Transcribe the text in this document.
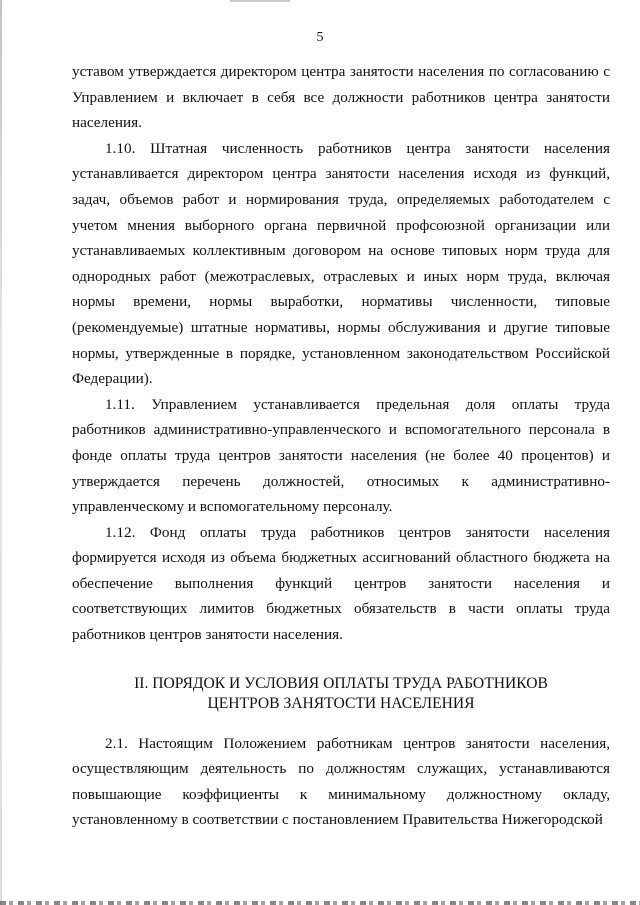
5

уставом утверждается директором центра занятости населения по согласованию с Управлением и включает в себя все должности работников центра занятости населения.

1.10. Штатная численность работников центра занятости населения устанавливается директором центра занятости населения исходя из функций, задач, объемов работ и нормирования труда, определяемых работодателем с учетом мнения выборного органа первичной профсоюзной организации или устанавливаемых коллективным договором на основе типовых норм труда для однородных работ (межотраслевых, отраслевых и иных норм труда, включая нормы времени, нормы выработки, нормативы численности, типовые (рекомендуемые) штатные нормативы, нормы обслуживания и другие типовые нормы, утвержденные в порядке, установленном законодательством Российской Федерации).

1.11. Управлением устанавливается предельная доля оплаты труда работников административно-управленческого и вспомогательного персонала в фонде оплаты труда центров занятости населения (не более 40 процентов) и утверждается перечень должностей, относимых к административно-управленческому и вспомогательному персоналу.

1.12. Фонд оплаты труда работников центров занятости населения формируется исходя из объема бюджетных ассигнований областного бюджета на обеспечение выполнения функций центров занятости населения и соответствующих лимитов бюджетных обязательств в части оплаты труда работников центров занятости населения.

II. ПОРЯДОК И УСЛОВИЯ ОПЛАТЫ ТРУДА РАБОТНИКОВ
ЦЕНТРОВ ЗАНЯТОСТИ НАСЕЛЕНИЯ

2.1. Настоящим Положением работникам центров занятости населения, осуществляющим деятельность по должностям служащих, устанавливаются повышающие коэффициенты к минимальному должностному окладу, установленному в соответствии с постановлением Правительства Нижегородской
